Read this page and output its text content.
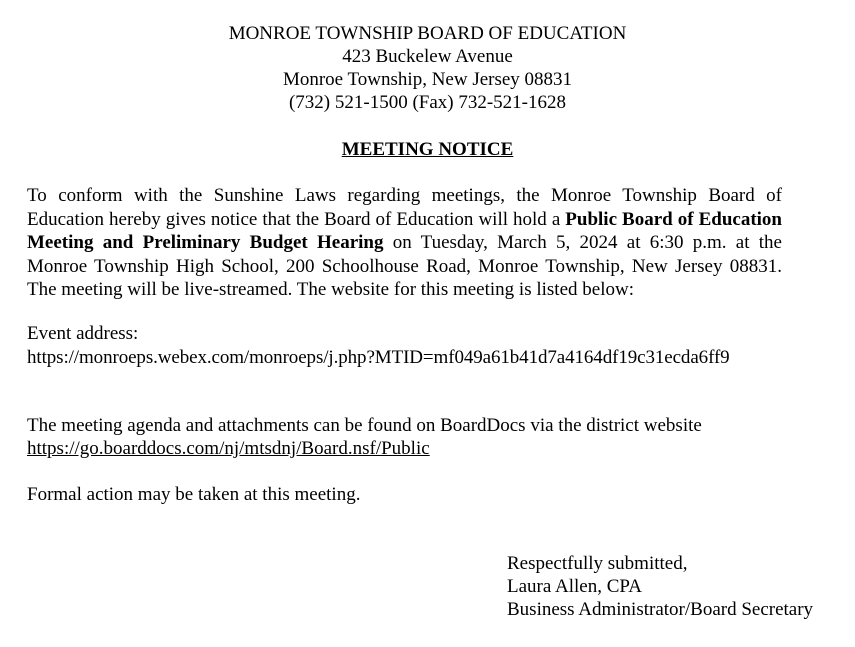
MONROE TOWNSHIP BOARD OF EDUCATION
423 Buckelew Avenue
Monroe Township, New Jersey 08831
(732) 521-1500 (Fax) 732-521-1628
MEETING NOTICE
To conform with the Sunshine Laws regarding meetings, the Monroe Township Board of Education hereby gives notice that the Board of Education will hold a Public Board of Education Meeting and Preliminary Budget Hearing on Tuesday, March 5, 2024 at 6:30 p.m. at the Monroe Township High School, 200 Schoolhouse Road, Monroe Township, New Jersey 08831. The meeting will be live-streamed. The website for this meeting is listed below:
Event address:
https://monroeps.webex.com/monroeps/j.php?MTID=mf049a61b41d7a4164df19c31ecda6ff9
The meeting agenda and attachments can be found on BoardDocs via the district website
https://go.boarddocs.com/nj/mtsdnj/Board.nsf/Public
Formal action may be taken at this meeting.
Respectfully submitted,
Laura Allen, CPA
Business Administrator/Board Secretary
